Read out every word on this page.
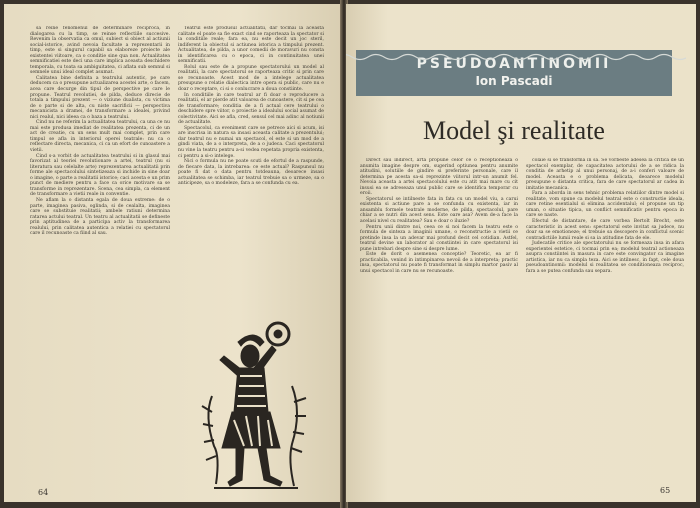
sa reine fenomenul de determinare reciproca, in dialogarea cu la timp, se reinse reflectiile succesive. Revenim la observatia ca omul, subiect si obiect al actiunii social-istorice, avind nevoia facultate a reprezentarii in timp, este si singurul capabil sa elaboreze proiecte ale existentei viitoare, ca o conditie sine qua non. Actualitatea semnificatiei este deci una care implica aceasta deschidere temporala, cu toata sa ambiguitatea, ci aflata sub semnul si semnele unui ideal complet asumat.

Calitatea bine definita a teatrului autentic, pe care deducem ca o presupune actualizarea acestei arte, o facem, acea care decurge din tipul de perspective pe care le propune. Teatrul revolutiei, de pilda, deduce direcie de totala a timpului prezent — o viziune dualista, cu victima de o parte si de alta, cu niste sacrificii — perspectiva mecanicista a dramei, de transformare a idealei, privind nici realul, nici ideea ca o baza a teatrului.

Cind nu ne referim la actualitatea teatrului, ca una ce nu mai este produsa imediat de realitatea prezenta, ci de un act de creatie, cu un sens mult mai complet, prin care timpul se afla in interiorul operei teatrale: nu ca o reflectare directa, mecanica, ci ca un efort de cunoastere a vietii.

Cind s-a vorbit de actualitatea teatrului si in glasul mai favorizat al teoriei revolutionare a artei, teatrul (nu si literatura sau celelalte arte) reprezentarea actualitatii prin forme ale spectacolului sintetizeaza si inchide in sine doar o imagine, o parte a realitatii istorice; caci acesta e un prim punct de mediere pentru a face ca orice motivare sa se transforme in reprezentare. Scena, cea simpla, ca element de transformare a vietii reale in conventie.

Ne aflam la o distanta egala de doua extreme: de o parte, imaginea pasiva, oglinda, si de cealalta, imaginea care se substituie realitatii; ambele ratiuni determina ratarea actului teatral. Un teatru al actualitatii se defineste prin aptitudinea de a participa activ la transformarea realului, prin calitatea autentica a relatiei cu spectatorul care il recunoaste ca fiind al sau.

Teatrul este produsul actualitatii, dar tocmai la aceasta calitate el poate sa fie exact cind se raporteaza la spectator si la conditiile reale; fara ea, nu este decit un joc steril, indiferent la obiectul si actiunea istorica a timpului prezent. Actualitatea, de pilda, a unor comedii de moravuri nu consta in identificarea cu o epoca, ci in continuitatea unei semnificatii.

Rolul sau este de a propune spectatorului un model al realitatii, la care spectatorul se raporteaza critic si prin care se recunoaste. Acest mod de a intelege actualitatea presupune o relatie dialectica intre opera si public, care nu e doar o receptare, ci si o conlucrare a doua constiinte.

In conditiile in care teatrul ar fi doar o reproducere a realitatii, el ar pierde atit valoarea de cunoastere, cit si pe cea de transformare; conditia de a fi actual cere teatrului o deschidere spre viitor, o proiectie a idealului social asumat de colectivitate. Aici se afla, cred, sensul cel mai adinc al notiunii de actualitate.

Spectacolul, ca eveniment care se petrece aici si acum, isi are inscrisa in natura sa insasi aceasta calitate a prezentului; dar teatrul nu e numai un spectacol, el este si un mod de a gindi viata, de a o interpreta, de a o judeca. Caci spectatorul nu vine la teatru pentru a-si vedea repetata propria existenta, ci pentru a si-o intelege.

Nici o formula nu ne poate scuti de efortul de a raspunde, de fiecare data, la intrebarea: ce este actual? Raspunsul nu poate fi dat o data pentru totdeauna, deoarece insasi actualitatea se schimba, iar teatrul trebuie sa o urmeze, sa o anticipeze, sa o modeleze, fara a se confunda cu ea.

64
PSEUDOANTINOMII
Ion Pascadi
Model şi realitate

Direct sau indirect, arta propune celor ce o receptioneaza o anumita imagine despre om, sugerind optiunea pentru anumite atitudini, solutiile de gindire si preferinte personale, care il determina pe acesta sa-si reprezinte viitorul intr-un anumit fel. Nevoia aceasta a artei spectacolului este cu atit mai mare cu cit insusi ea se adreseaza unui public care se identifica temporar cu eroii.

Spectatorul se intilneste fata in fata cu un model viu, a carui existenta si actiune pare a se confunda cu existenta, iar in ansamblu formele teatrale moderne, de pilda, spectacolul, pare chiar a se nutri din acest sens. Este oare asa? Avem de-a face la acelasi nivel cu realitatea? Sau e doar o iluzie?

Pentru unii dintre noi, ceea ce si noi facem la teatru este o formula de sinteza a imaginii umane, o reconstructie a vietii ce pretinde insa la un adevar mai profund decit cel cotidian. Astfel, teatrul devine un laborator al constiintei in care spectatorul isi pune intrebari despre sine si despre lume.

Este de dorit o asemenea conceptie? Teoretic, ea ar fi practicabila, venind in intimpinarea nevoii de a interpreta; practic insa, spectatorul nu poate fi transformat in simplu martor pasiv al unui spectacol in care nu se recunoaste.

colaie si se transforma in sa. Se vorbeste adesea la critica de un spectacol exemplar, de capacitatea actorului de a se ridica la conditia de arhetip al unui personaj, de a-i conferi valoare de model. Aceasta e o problema delicata, deoarece modelul presupune o distanta critica, fara de care spectatorul ar cadea in imitatie mecanica.

Fara a aborda in sens tehnic problema relatiilor dintre model si realitate, vom spune ca modelul teatral este o constructie ideala, care retine esentialul si elimina accidentalul; el propune un tip uman, o situatie tipica, un conflict semnificativ pentru epoca in care se naste.

Efectul de distantare, de care vorbea Bertolt Brecht, este caracteristic in acest sens: spectatorul este invitat sa judece, nu doar sa se emotioneze; el trebuie sa descopere in conflictul scenic contradictiile lumii reale si sa ia atitudine fata de ele.

Judecatile critice ale spectatorului nu se formeaza insa in afara experientei estetice, ci tocmai prin ea; modelul teatral actioneaza asupra constiintei in masura in care este convingator ca imagine artistica, iar nu ca simpla teza. Aici se intilnesc, in fapt, cele doua pseudoantinomii: modelul si realitatea se conditioneaza reciproc, fara a se putea confunda sau separa.

65
